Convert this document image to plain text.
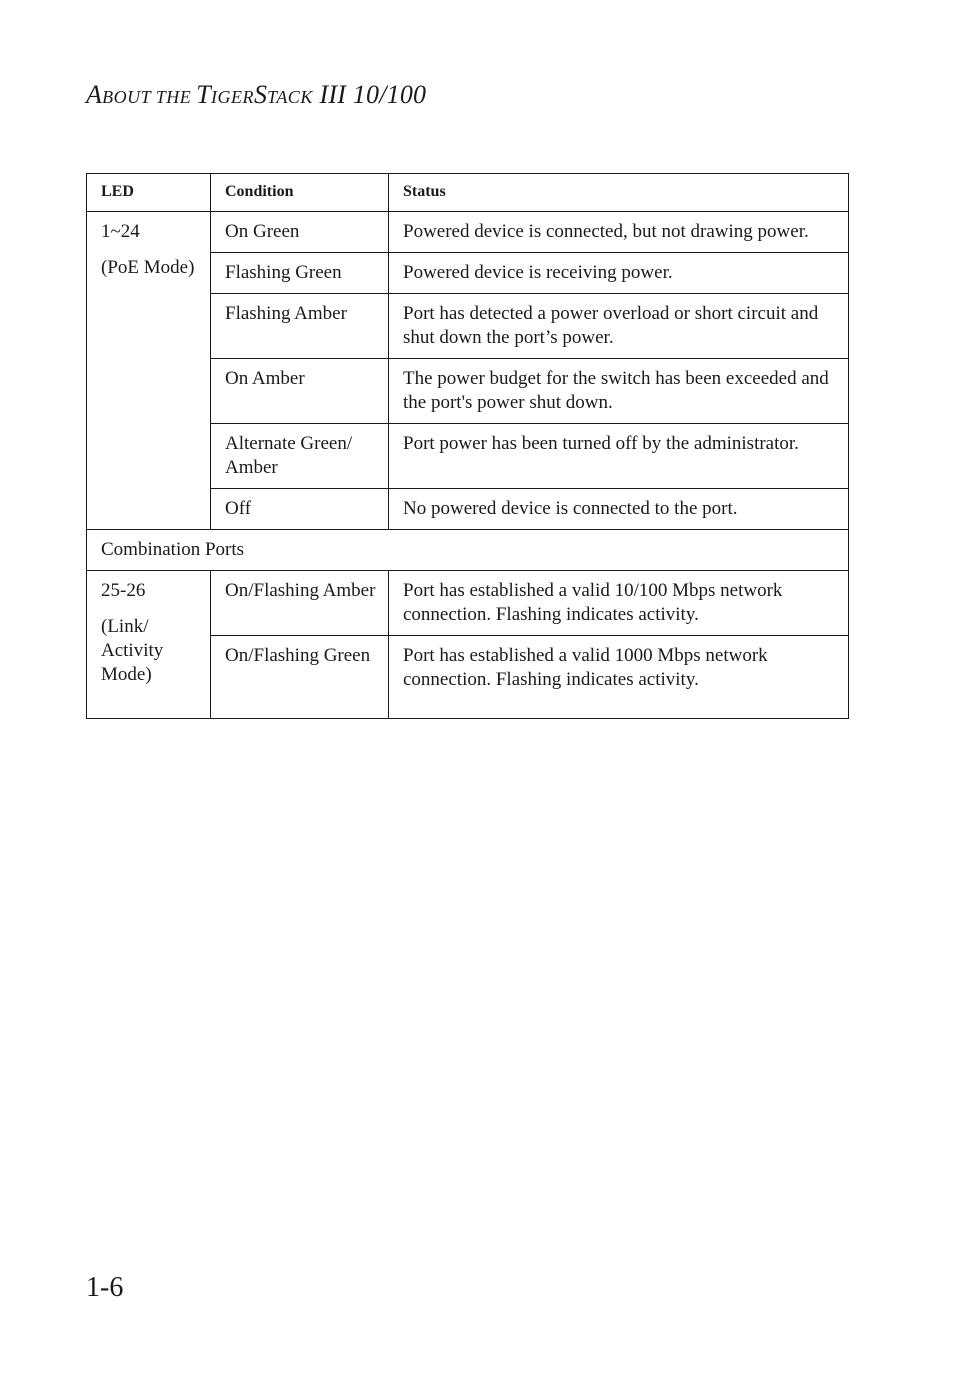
ABOUT THE TIGERSTACK III 10/100
LED	Condition	Status

1~24

(PoE Mode)	On Green	Powered device is connected, but not drawing power.
	Flashing Green	Powered device is receiving power.
	Flashing Amber	Port has detected a power overload or short circuit and shut down the port’s power.
	On Amber	The power budget for the switch has been exceeded and the port's power shut down.
	Alternate Green/ Amber	Port power has been turned off by the administrator.
	Off	No powered device is connected to the port.
Combination Ports		

25-26

(Link/ Activity Mode)	On/Flashing Amber	Port has established a valid 10/100 Mbps network connection. Flashing indicates activity.
	On/Flashing Green	Port has established a valid 1000 Mbps network connection. Flashing indicates activity.
1-6
